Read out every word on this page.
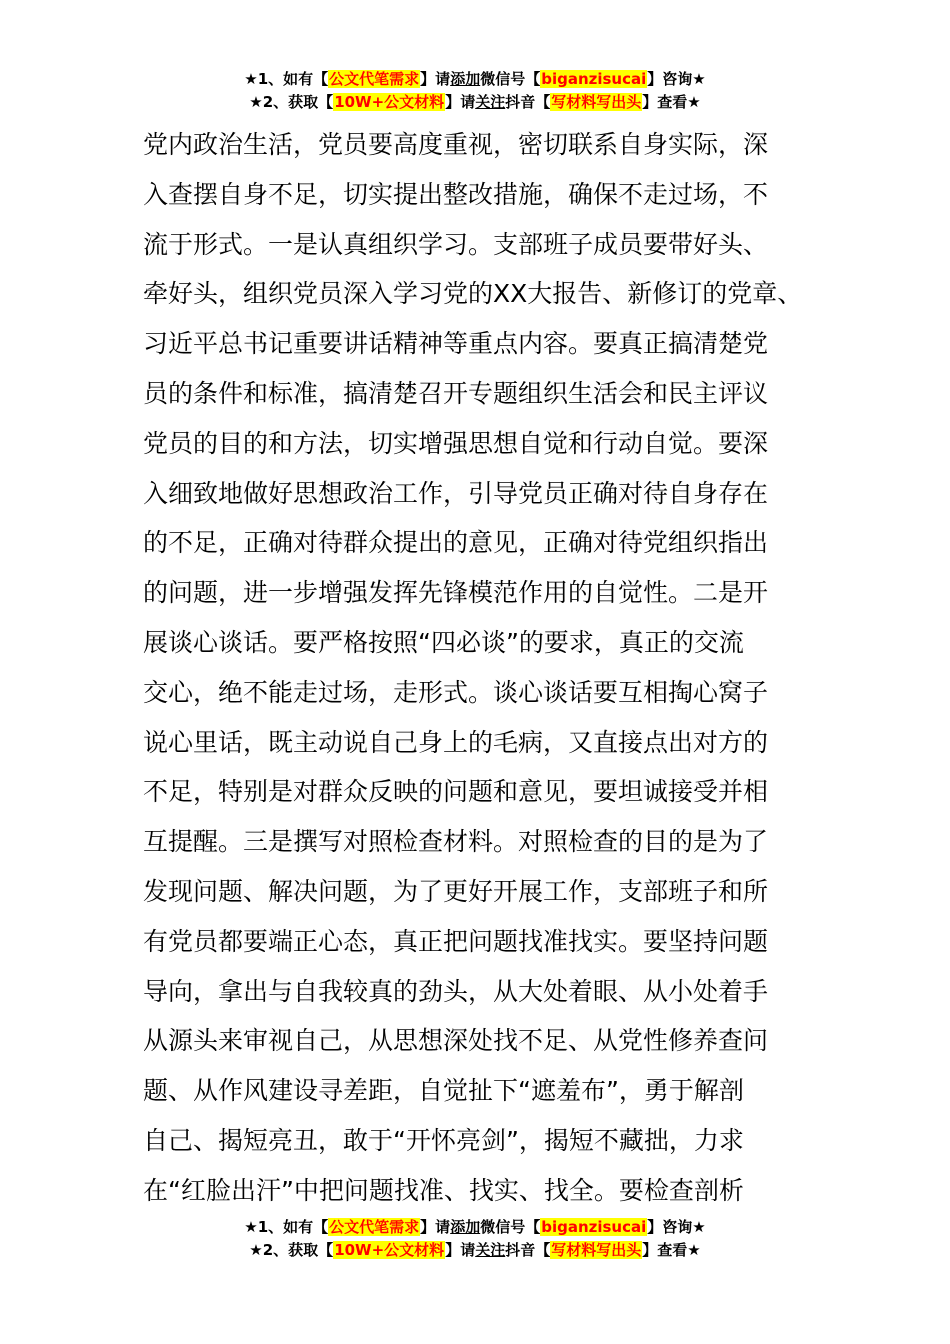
★1、如有【公文代笔需求】请添加微信号【biganzisucai】咨询★
★2、获取【10W+公文材料】请关注抖音【写材料写出头】查看★
党内政治生活，党员要高度重视，密切联系自身实际，深
入查摆自身不足，切实提出整改措施，确保不走过场，不
流于形式。一是认真组织学习。支部班子成员要带好头、
牵好头，组织党员深入学习党的XX大报告、新修订的党章、
习近平总书记重要讲话精神等重点内容。要真正搞清楚党
员的条件和标准，搞清楚召开专题组织生活会和民主评议
党员的目的和方法，切实增强思想自觉和行动自觉。要深
入细致地做好思想政治工作，引导党员正确对待自身存在
的不足，正确对待群众提出的意见，正确对待党组织指出
的问题，进一步增强发挥先锋模范作用的自觉性。二是开
展谈心谈话。要严格按照“四必谈”的要求，真正的交流
交心，绝不能走过场，走形式。谈心谈话要互相掏心窝子
说心里话，既主动说自己身上的毛病，又直接点出对方的
不足，特别是对群众反映的问题和意见，要坦诚接受并相
互提醒。三是撰写对照检查材料。对照检查的目的是为了
发现问题、解决问题，为了更好开展工作，支部班子和所
有党员都要端正心态，真正把问题找准找实。要坚持问题
导向，拿出与自我较真的劲头，从大处着眼、从小处着手
从源头来审视自己，从思想深处找不足、从党性修养查问
题、从作风建设寻差距，自觉扯下“遮羞布”，勇于解剖
自己、揭短亮丑，敢于“开怀亮剑”，揭短不藏拙，力求
在“红脸出汗”中把问题找准、找实、找全。要检查剖析
★1、如有【公文代笔需求】请添加微信号【biganzisucai】咨询★
★2、获取【10W+公文材料】请关注抖音【写材料写出头】查看★
